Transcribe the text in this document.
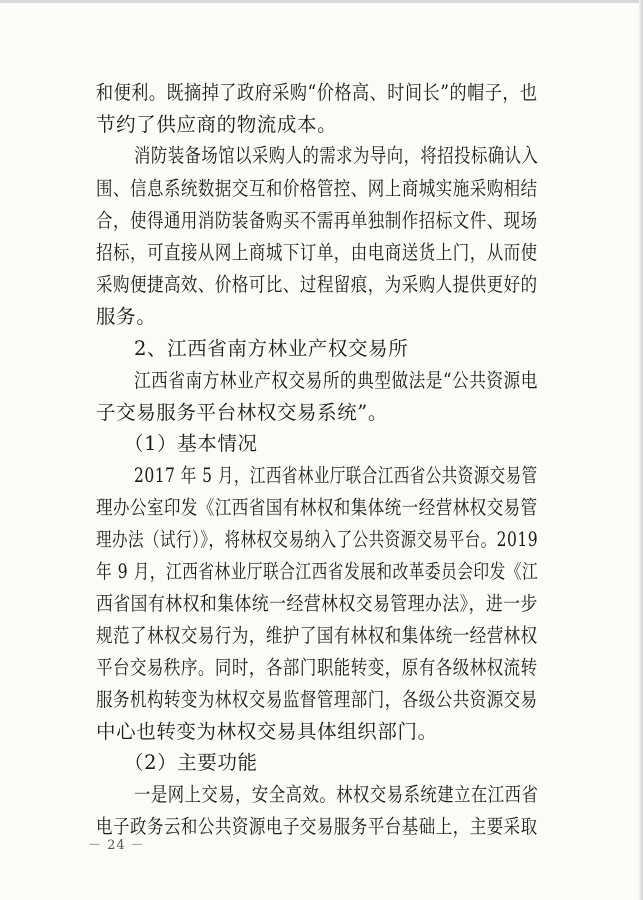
和便利。既摘掉了政府采购“价格高、时间长”的帽子，也
节约了供应商的物流成本。
消防装备场馆以采购人的需求为导向，将招投标确认入
围、信息系统数据交互和价格管控、网上商城实施采购相结
合，使得通用消防装备购买不需再单独制作招标文件、现场
招标，可直接从网上商城下订单，由电商送货上门，从而使
采购便捷高效、价格可比、过程留痕，为采购人提供更好的
服务。
2、江西省南方林业产权交易所
江西省南方林业产权交易所的典型做法是“公共资源电
子交易服务平台林权交易系统”。
（1）基本情况
2017 年 5 月，江西省林业厅联合江西省公共资源交易管
理办公室印发《江西省国有林权和集体统一经营林权交易管
理办法（试行）》，将林权交易纳入了公共资源交易平台。2019
年 9 月，江西省林业厅联合江西省发展和改革委员会印发《江
西省国有林权和集体统一经营林权交易管理办法》，进一步
规范了林权交易行为，维护了国有林权和集体统一经营林权
平台交易秩序。同时，各部门职能转变，原有各级林权流转
服务机构转变为林权交易监督管理部门，各级公共资源交易
中心也转变为林权交易具体组织部门。
（2）主要功能
一是网上交易，安全高效。林权交易系统建立在江西省
电子政务云和公共资源电子交易服务平台基础上，主要采取
－ 24 －
